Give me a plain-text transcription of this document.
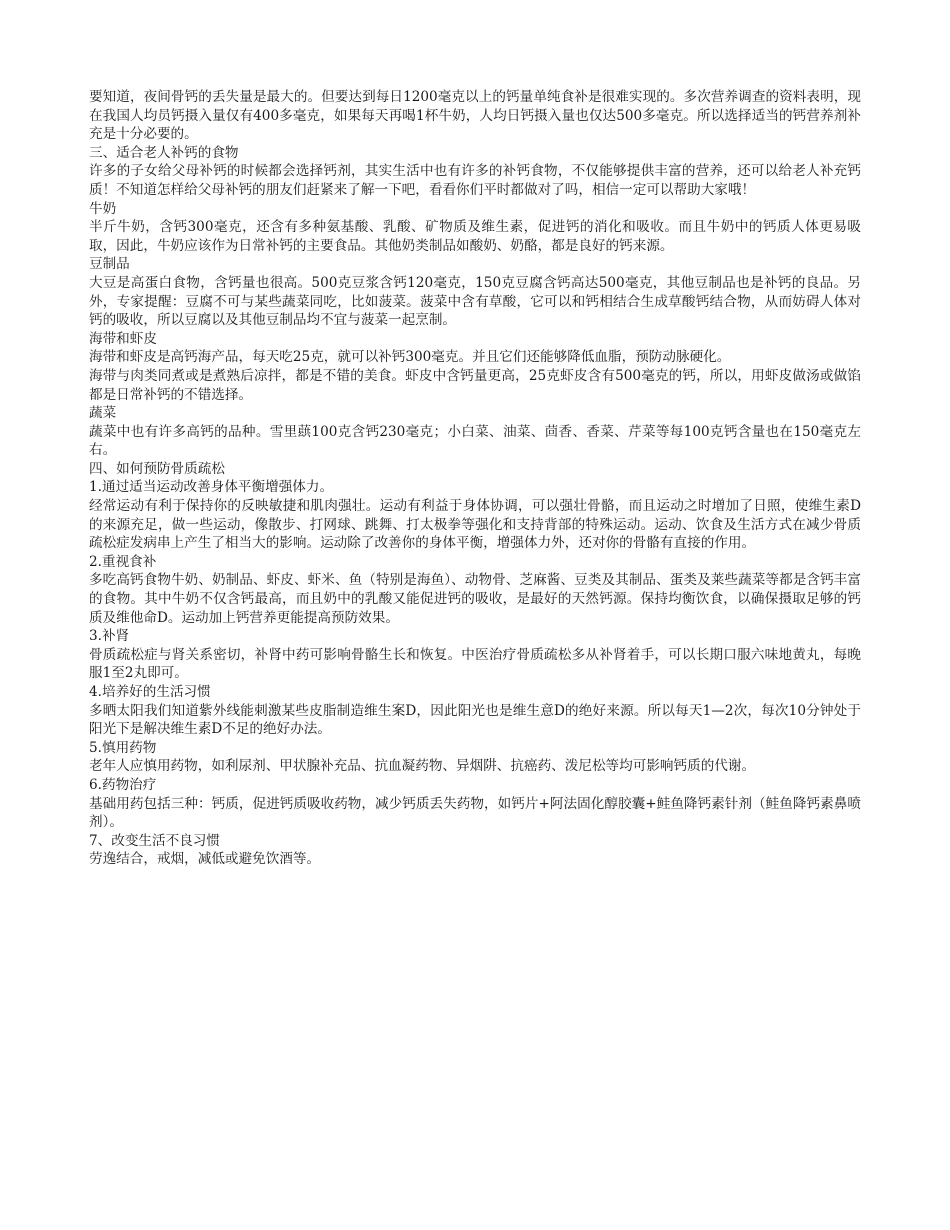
要知道，夜间骨钙的丢失量是最大的。但要达到每日1200毫克以上的钙量单纯食补是很难实现的。多次营养调查的资料表明，现在我国人均员钙摄入量仅有400多毫克，如果每天再喝1杯牛奶，人均日钙摄入量也仅达500多毫克。所以选择适当的钙营养剂补充是十分必要的。

三、适合老人补钙的食物

许多的子女给父母补钙的时候都会选择钙剂，其实生活中也有许多的补钙食物，不仅能够提供丰富的营养，还可以给老人补充钙质！不知道怎样给父母补钙的朋友们赶紧来了解一下吧，看看你们平时都做对了吗，相信一定可以帮助大家哦！

牛奶

半斤牛奶，含钙300毫克，还含有多种氨基酸、乳酸、矿物质及维生素，促进钙的消化和吸收。而且牛奶中的钙质人体更易吸取，因此，牛奶应该作为日常补钙的主要食品。其他奶类制品如酸奶、奶酪，都是良好的钙来源。

豆制品

大豆是高蛋白食物，含钙量也很高。500克豆浆含钙120毫克，150克豆腐含钙高达500毫克，其他豆制品也是补钙的良品。另外，专家提醒：豆腐不可与某些蔬菜同吃，比如菠菜。菠菜中含有草酸，它可以和钙相结合生成草酸钙结合物，从而妨碍人体对钙的吸收，所以豆腐以及其他豆制品均不宜与菠菜一起烹制。

海带和虾皮

海带和虾皮是高钙海产品，每天吃25克，就可以补钙300毫克。并且它们还能够降低血脂，预防动脉硬化。

海带与肉类同煮或是煮熟后凉拌，都是不错的美食。虾皮中含钙量更高，25克虾皮含有500毫克的钙，所以，用虾皮做汤或做馅都是日常补钙的不错选择。

蔬菜

蔬菜中也有许多高钙的品种。雪里蕻100克含钙230毫克；小白菜、油菜、茴香、香菜、芹菜等每100克钙含量也在150毫克左右。

四、如何预防骨质疏松

1.通过适当运动改善身体平衡增强体力。

经常运动有利于保持你的反映敏捷和肌肉强壮。运动有利益于身体协调，可以强壮骨骼，而且运动之时增加了日照，使维生素D的来源充足，做一些运动，像散步、打网球、跳舞、打太极拳等强化和支持背部的特殊运动。运动、饮食及生活方式在减少骨质疏松症发病串上产生了相当大的影响。运动除了改善你的身体平衡，增强体力外，还对你的骨骼有直接的作用。

2.重视食补

多吃高钙食物牛奶、奶制品、虾皮、虾米、鱼（特别是海鱼）、动物骨、芝麻酱、豆类及其制品、蛋类及莱些蔬菜等都是含钙丰富的食物。其中牛奶不仅含钙最高，而且奶中的乳酸又能促进钙的吸收，是最好的天然钙源。保持均衡饮食，以确保摄取足够的钙质及维他命D。运动加上钙营养更能提高预防效果。

3.补肾

骨质疏松症与肾关系密切，补肾中药可影响骨骼生长和恢复。中医治疗骨质疏松多从补肾着手，可以长期口服六味地黄丸，每晚服1至2丸即可。

4.培养好的生活习惯

多晒太阳我们知道紫外线能刺激某些皮脂制造维生案D，因此阳光也是维生意D的绝好来源。所以每天1—2次，每次10分钟处于阳光下是解决维生素D不足的绝好办法。

5.慎用药物

老年人应慎用药物，如利尿剂、甲状腺补充品、抗血凝药物、异烟阱、抗癌药、泼尼松等均可影响钙质的代谢。

6.药物治疗

基础用药包括三种：钙质，促进钙质吸收药物，减少钙质丢失药物，如钙片+阿法固化醇胶囊+鲑鱼降钙素针剂（鲑鱼降钙素鼻喷剂）。

7、改变生活不良习惯

劳逸结合，戒烟，减低或避免饮酒等。
